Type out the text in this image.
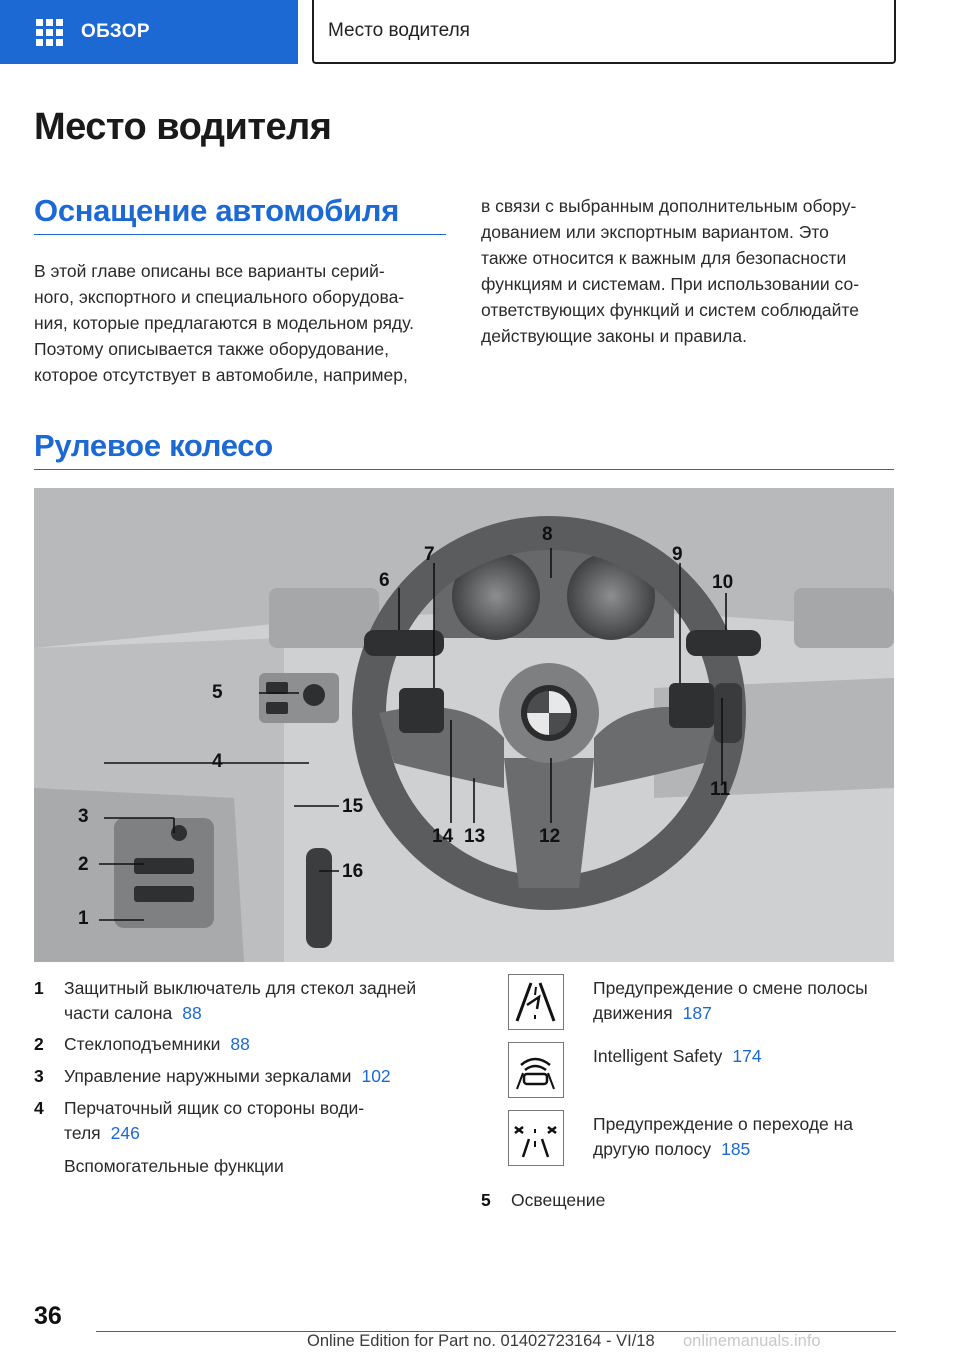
ОБЗОР	Место водителя
Место водителя
Оснащение автомобиля
В этой главе описаны все варианты серий-
ного, экспортного и специального оборудова-
ния, которые предлагаются в модельном ряду.
Поэтому описывается также оборудование,
которое отсутствует в автомобиле, например,
в связи с выбранным дополнительным обору-
дованием или экспортным вариантом. Это
также относится к важным для безопасности
функциям и системам. При использовании со-
ответствующих функций и систем соблюдайте
действующие законы и правила.
Рулевое колесо
1
2
3
4
5
6
7
8
9
10
11
12
13
14
15
16
1	Защитный выключатель для стекол задней части салона 88
2	Стеклоподъемники 88
3	Управление наружными зеркалами 102
4	Перчаточный ящик со стороны води-теля 246
Вспомогательные функции
Предупреждение о смене полосы движения 187
Intelligent Safety 174
Предупреждение о переходе на другую полосу 185
5 Освещение
36
Online Edition for Part no. 01402723164 - VI/18 onlinemanuals.info
